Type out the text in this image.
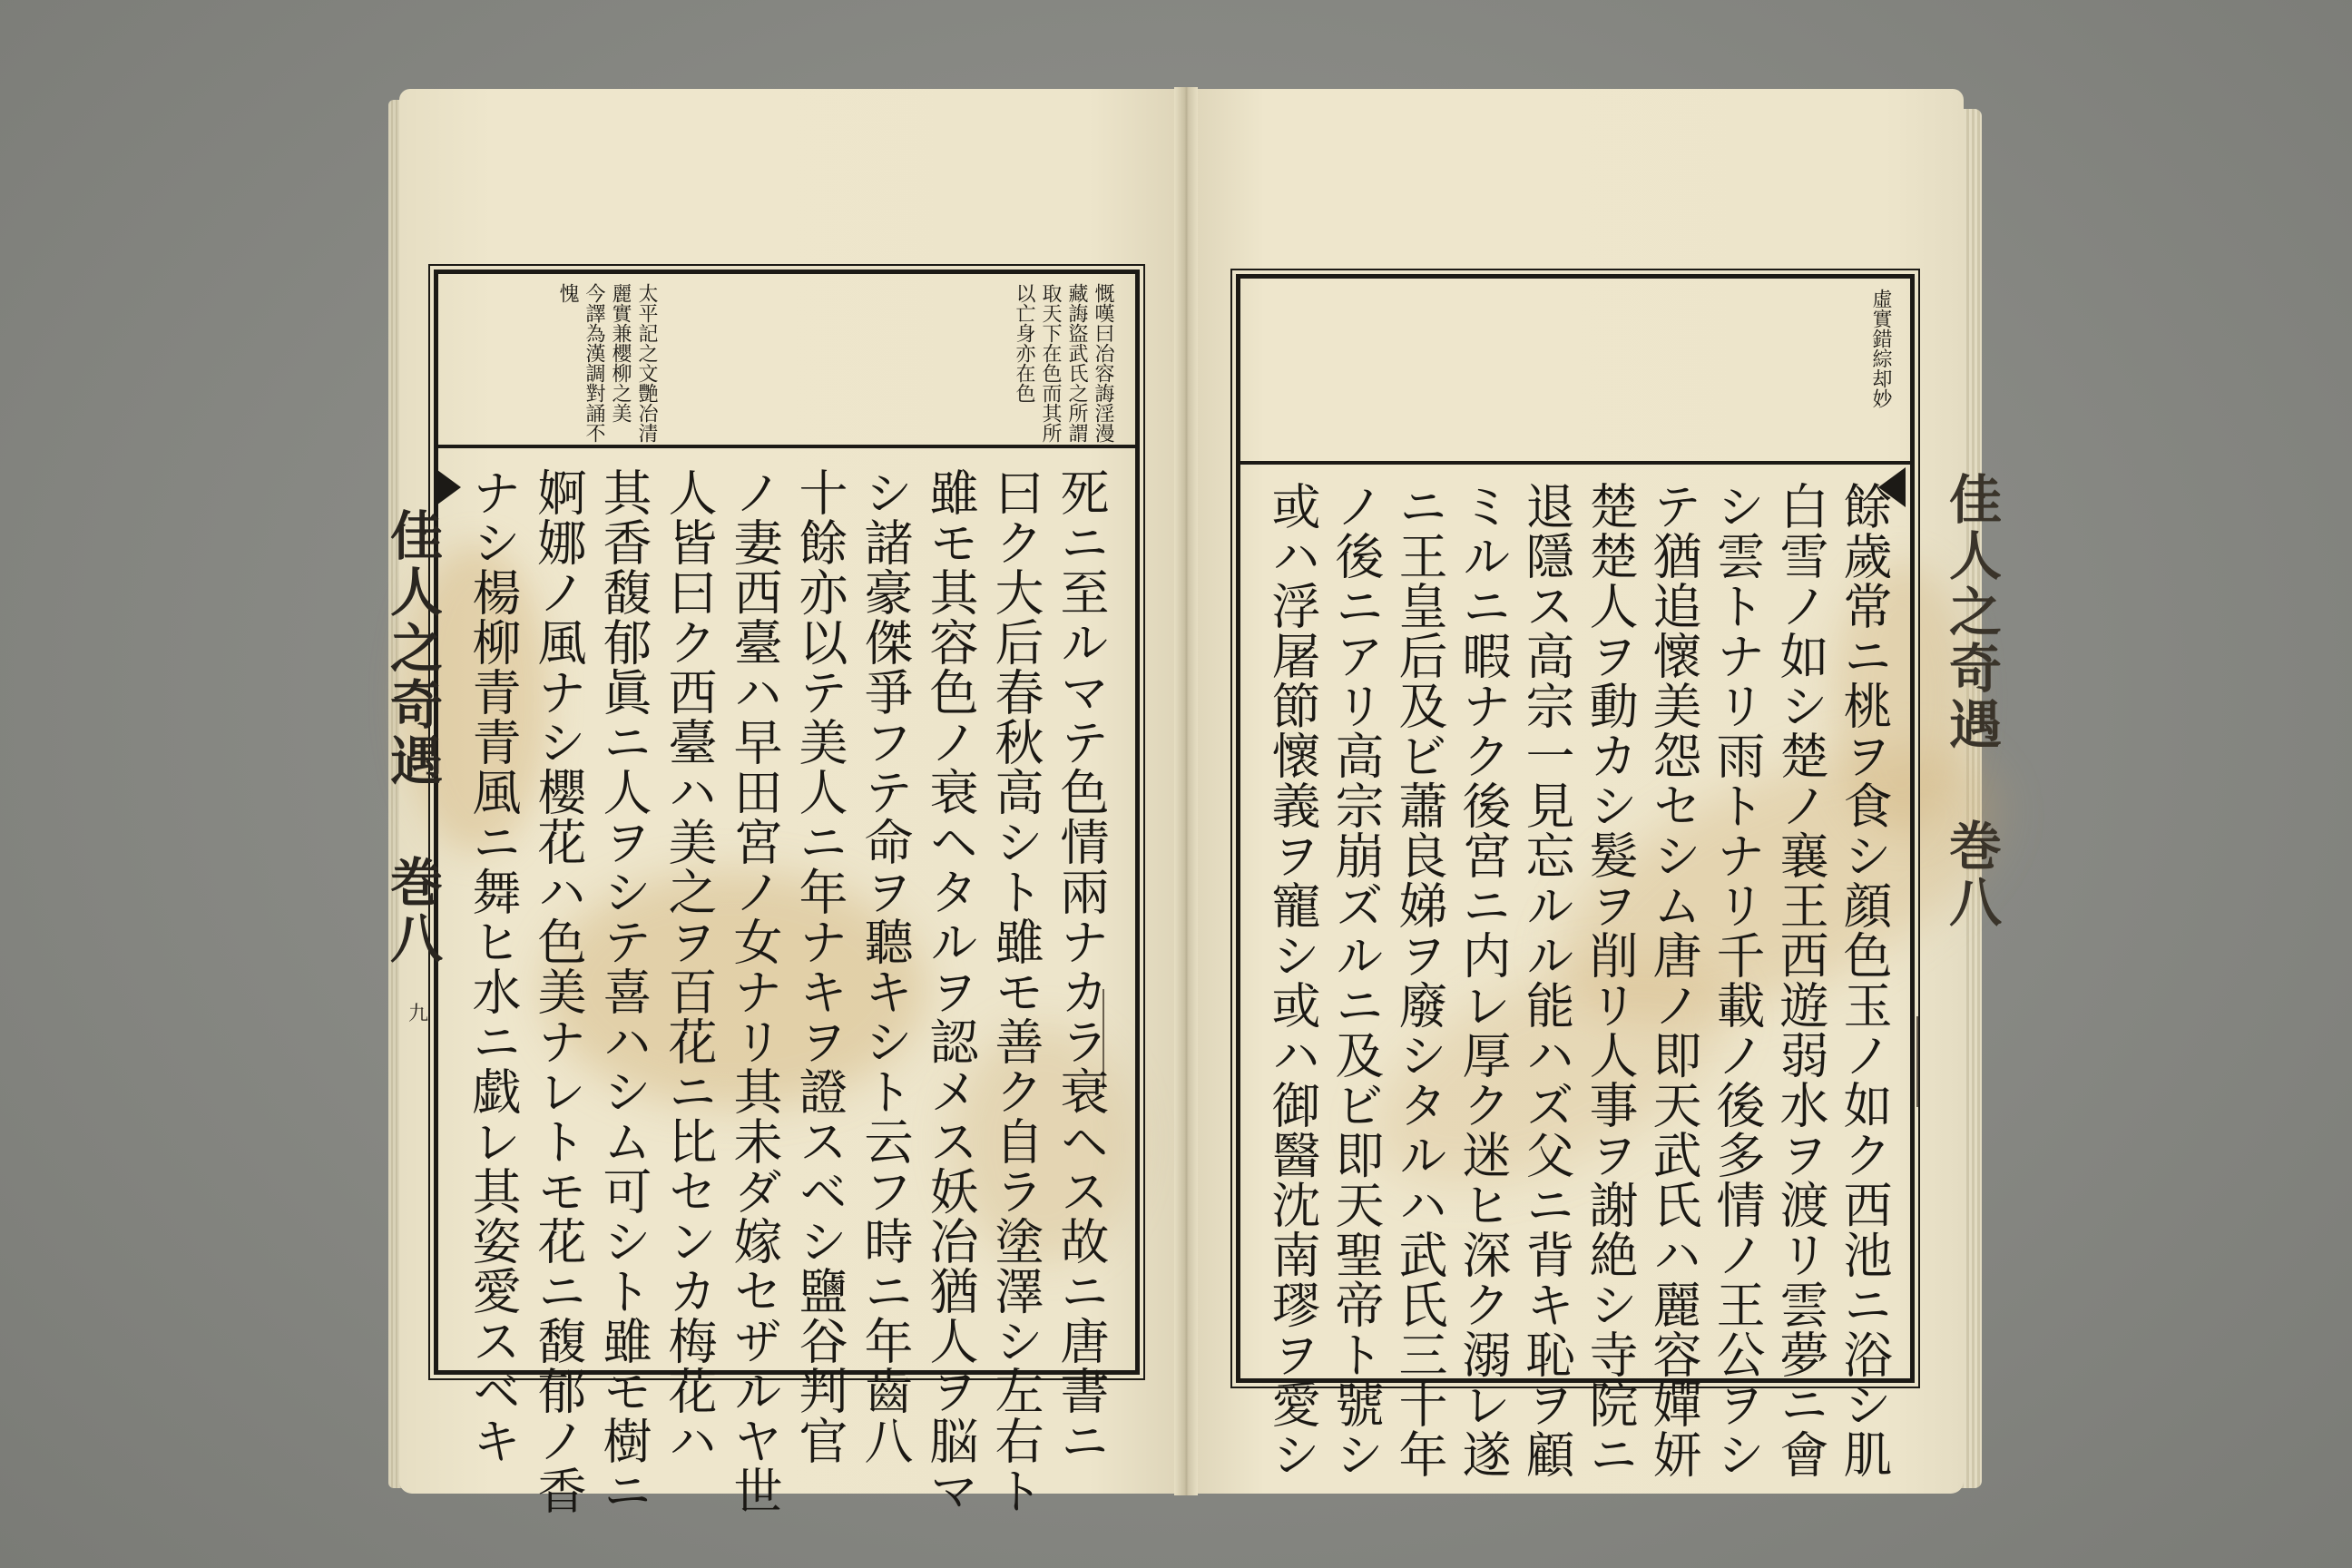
佳人之奇遇 巻八
九
慨嘆曰冶容誨淫漫
藏誨盜武氏之所謂
取天下在色而其所
以亡身亦在色
太平記之文艷冶清
麗實兼櫻柳之美
今譯為漢調對誦不
愧
死ニ至ルマテ色情兩ナカラ衰ヘス故ニ唐書ニ
曰ク大后春秋高シト雖モ善ク自ラ塗澤シ左右ト
雖モ其容色ノ衰ヘタルヲ認メス妖冶猶人ヲ脳マ
シ諸豪傑爭フテ命ヲ聽キシト云フ時ニ年齒八
十餘亦以テ美人ニ年ナキヲ證スベシ鹽谷判官
ノ妻西臺ハ早田宮ノ女ナリ其未ダ嫁セザルヤ世
人皆曰ク西臺ハ美之ヲ百花ニ比センカ梅花ハ
其香馥郁眞ニ人ヲシテ喜ハシム可シト雖モ樹ニ
婀娜ノ風ナシ櫻花ハ色美ナレトモ花ニ馥郁ノ香
ナシ楊柳青青風ニ舞ヒ水ニ戯レ其姿愛スベキ	佳人之奇遇 巻八
虛實錯綜却妙
餘歲常ニ桃ヲ食シ顔色玉ノ如ク西池ニ浴シ肌
白雪ノ如シ楚ノ襄王西遊弱水ヲ渡リ雲夢ニ會
シ雲トナリ雨トナリ千載ノ後多情ノ王公ヲシ
テ猶追懷美怨セシム唐ノ即天武氏ハ麗容嬋妍
楚楚人ヲ動カシ髮ヲ削リ人事ヲ謝絶シ寺院ニ
退隱ス高宗一見忘ルル能ハズ父ニ背キ恥ヲ顧
ミルニ暇ナク後宮ニ内レ厚ク迷ヒ深ク溺レ遂
ニ王皇后及ビ蕭良娣ヲ廢シタルハ武氏三十年
ノ後ニアリ高宗崩ズルニ及ビ即天聖帝ト號シ
或ハ浮屠節懷義ヲ寵シ或ハ御醫沈南璆ヲ愛シ
